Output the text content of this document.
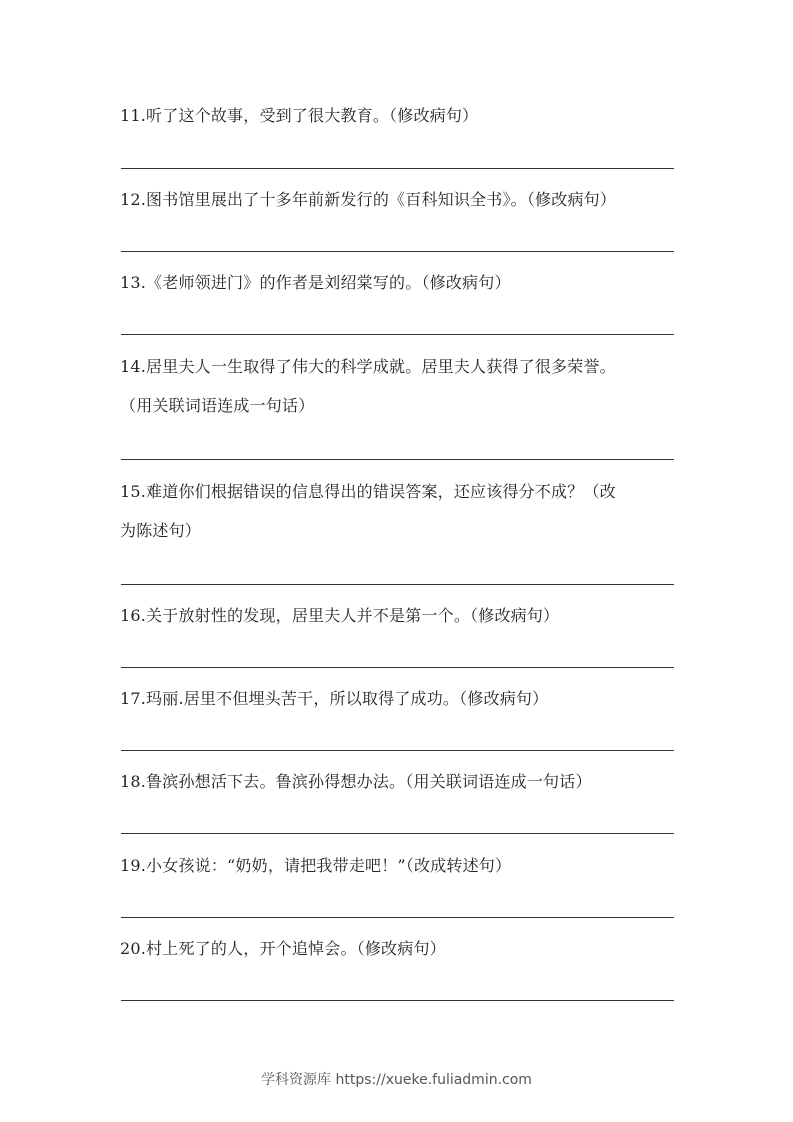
11.听了这个故事，受到了很大教育。（修改病句）
12.图书馆里展出了十多年前新发行的《百科知识全书》。（修改病句）
13.《老师领进门》的作者是刘绍棠写的。（修改病句）
14.居里夫人一生取得了伟大的科学成就。居里夫人获得了很多荣誉。
（用关联词语连成一句话）
15.难道你们根据错误的信息得出的错误答案，还应该得分不成？（改
为陈述句）
16.关于放射性的发现，居里夫人并不是第一个。（修改病句）
17.玛丽.居里不但埋头苦干，所以取得了成功。（修改病句）
18.鲁滨孙想活下去。鲁滨孙得想办法。（用关联词语连成一句话）
19.小女孩说：“奶奶，请把我带走吧！”（改成转述句）
20.村上死了的人，开个追悼会。（修改病句）
学科资源库 https://xueke.fuliadmin.com
